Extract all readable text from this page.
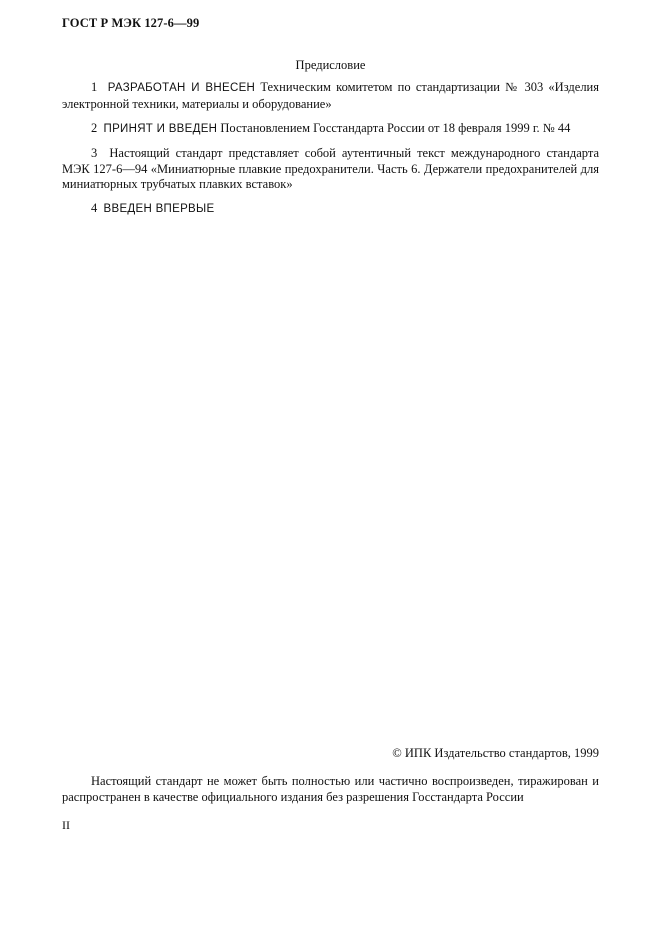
ГОСТ Р МЭК 127-6—99
Предисловие

1 РАЗРАБОТАН И ВНЕСЕН Техническим комитетом по стандартизации № 303 «Изделия электронной техники, материалы и оборудование»

2 ПРИНЯТ И ВВЕДЕН Постановлением Госстандарта России от 18 февраля 1999 г. № 44

3 Настоящий стандарт представляет собой аутентичный текст международного стандарта МЭК 127-6—94 «Миниатюрные плавкие предохранители. Часть 6. Держатели предохранителей для миниатюрных трубчатых плавких вставок»

4 ВВЕДЕН ВПЕРВЫЕ

© ИПК Издательство стандартов, 1999

Настоящий стандарт не может быть полностью или частично воспроизведен, тиражирован и распространен в качестве официального издания без разрешения Госстандарта России

II
